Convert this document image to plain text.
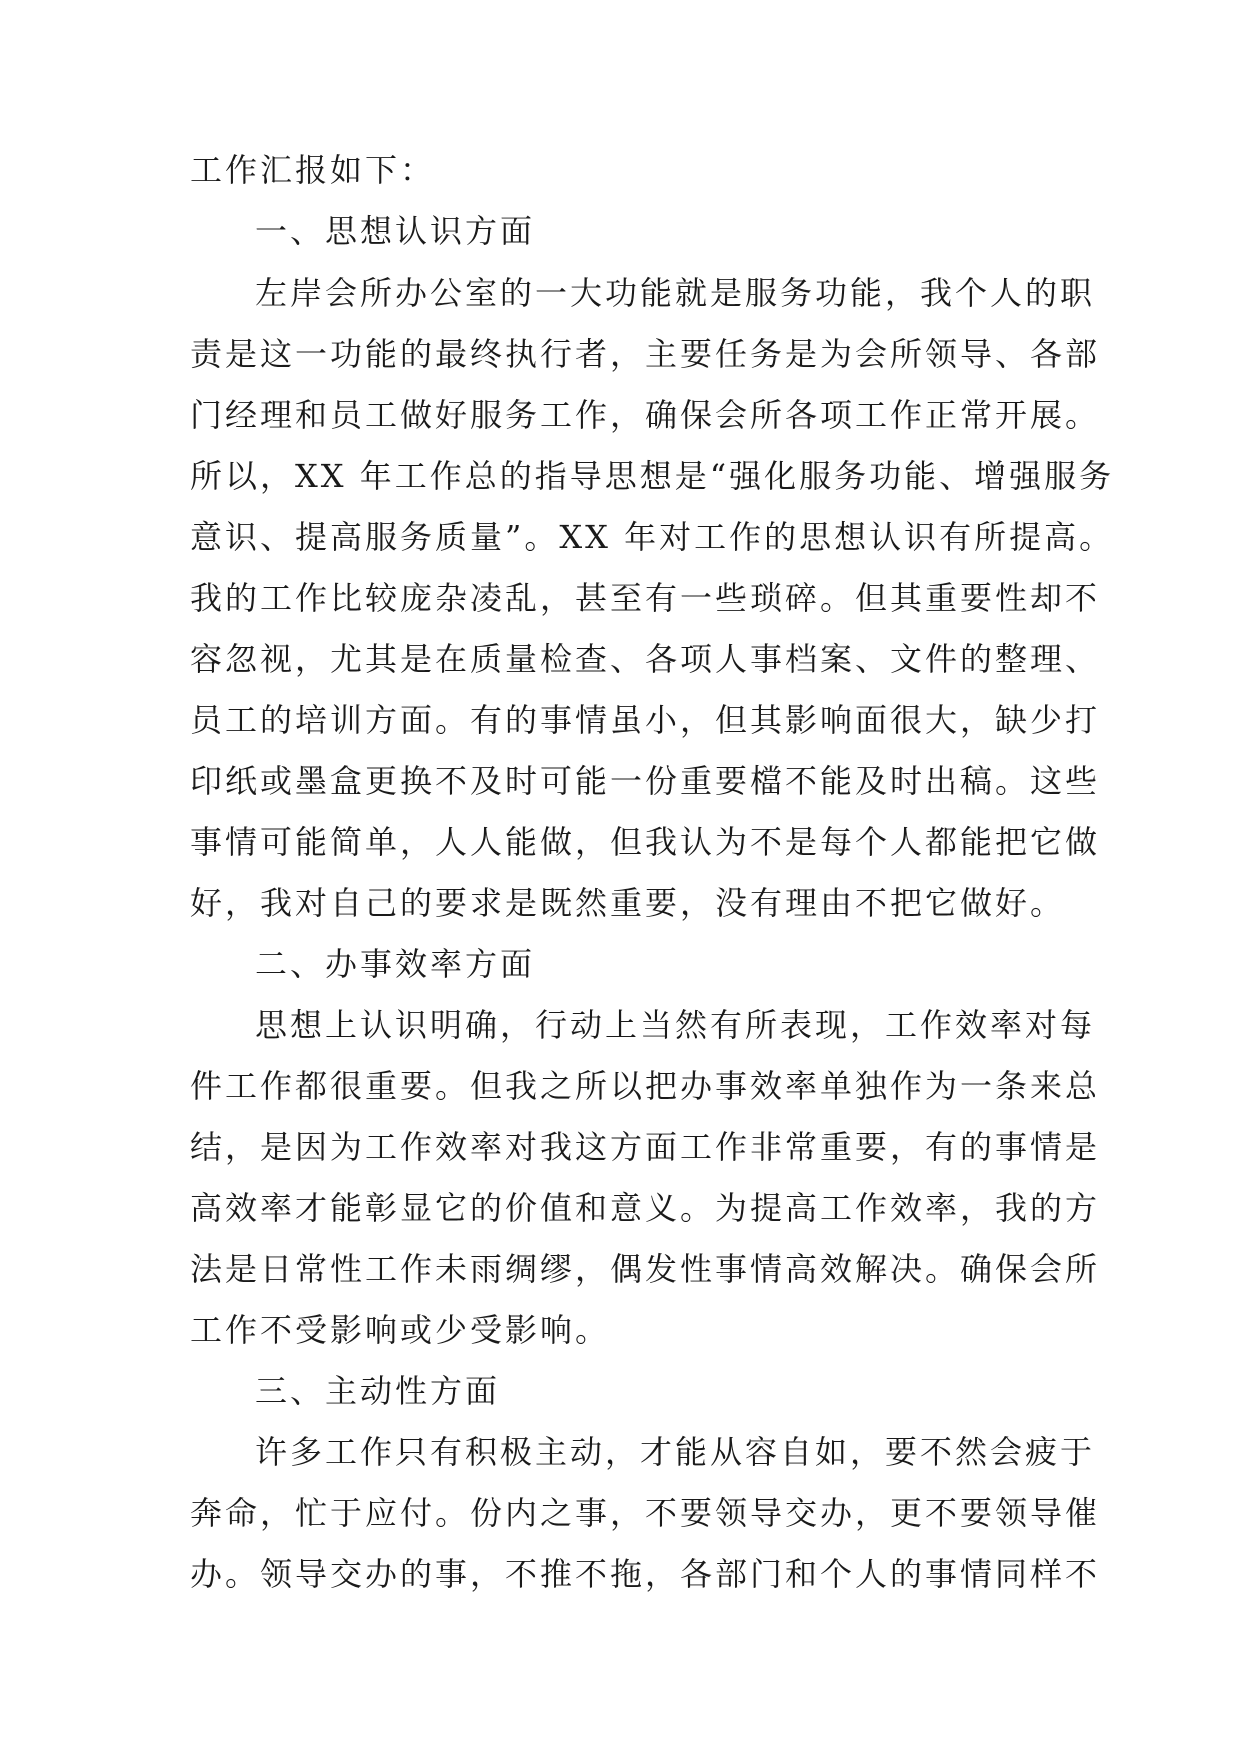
工作汇报如下：
一、思想认识方面
左岸会所办公室的一大功能就是服务功能，我个人的职
责是这一功能的最终执行者，主要任务是为会所领导、各部
门经理和员工做好服务工作，确保会所各项工作正常开展。
所以，XX 年工作总的指导思想是“强化服务功能、增强服务
意识、提高服务质量”。XX 年对工作的思想认识有所提高。
我的工作比较庞杂凌乱，甚至有一些琐碎。但其重要性却不
容忽视，尤其是在质量检查、各项人事档案、文件的整理、
员工的培训方面。有的事情虽小，但其影响面很大，缺少打
印纸或墨盒更换不及时可能一份重要檔不能及时出稿。这些
事情可能简单，人人能做，但我认为不是每个人都能把它做
好，我对自己的要求是既然重要，没有理由不把它做好。
二、办事效率方面
思想上认识明确，行动上当然有所表现，工作效率对每
件工作都很重要。但我之所以把办事效率单独作为一条来总
结，是因为工作效率对我这方面工作非常重要，有的事情是
高效率才能彰显它的价值和意义。为提高工作效率，我的方
法是日常性工作未雨绸缪，偶发性事情高效解决。确保会所
工作不受影响或少受影响。
三、主动性方面
许多工作只有积极主动，才能从容自如，要不然会疲于
奔命，忙于应付。份内之事，不要领导交办，更不要领导催
办。领导交办的事，不推不拖，各部门和个人的事情同样不
